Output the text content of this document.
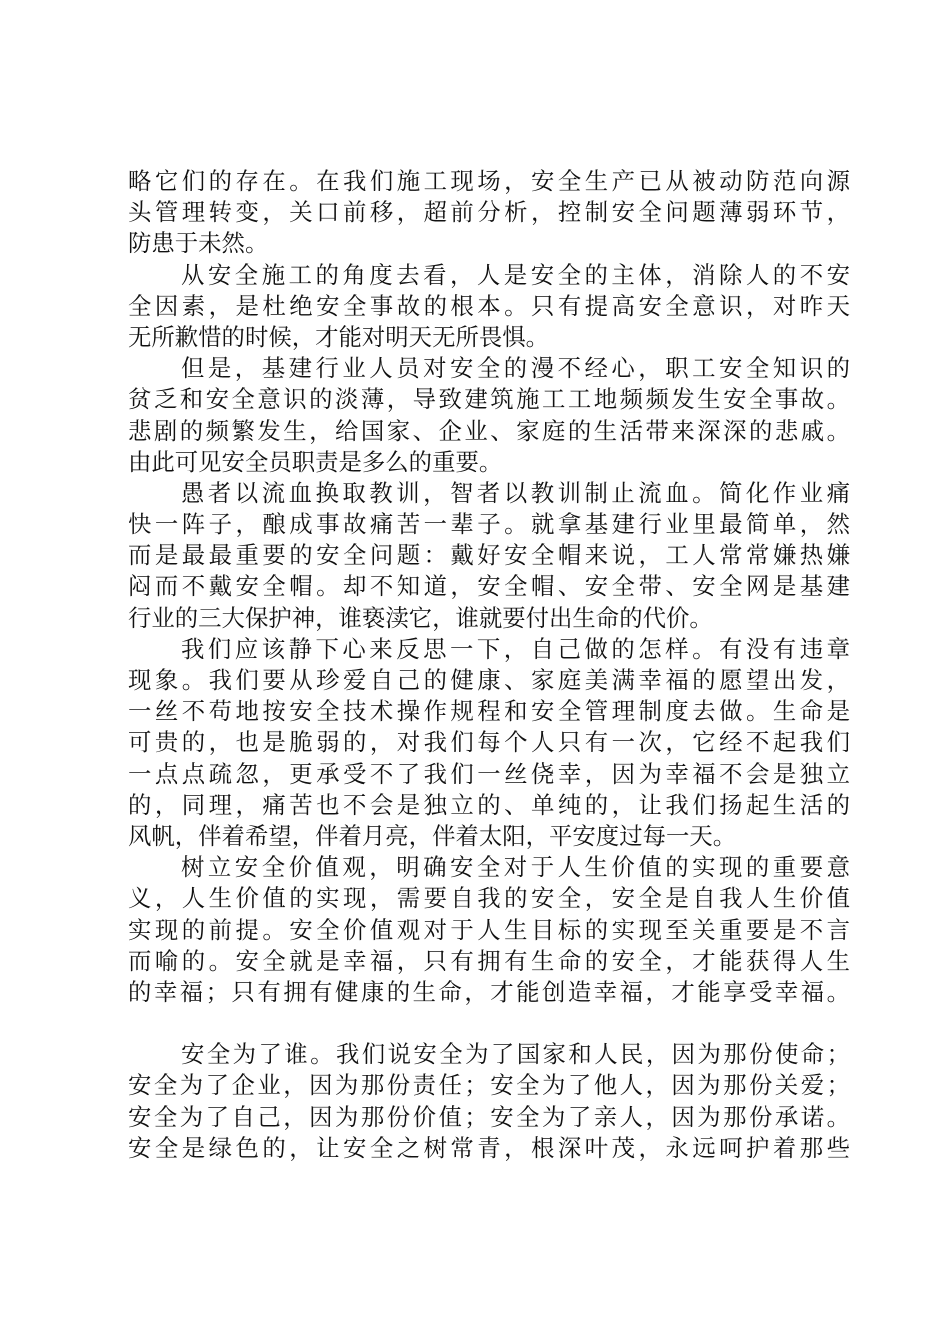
略它们的存在。在我们施工现场，安全生产已从被动防范向源
头管理转变，关口前移，超前分析，控制安全问题薄弱环节，
防患于未然。
从安全施工的角度去看，人是安全的主体，消除人的不安
全因素，是杜绝安全事故的根本。只有提高安全意识，对昨天
无所歉惜的时候，才能对明天无所畏惧。
但是，基建行业人员对安全的漫不经心，职工安全知识的
贫乏和安全意识的淡薄，导致建筑施工工地频频发生安全事故。
悲剧的频繁发生，给国家、企业、家庭的生活带来深深的悲戚。
由此可见安全员职责是多么的重要。
愚者以流血换取教训，智者以教训制止流血。简化作业痛
快一阵子，酿成事故痛苦一辈子。就拿基建行业里最简单，然
而是最最重要的安全问题：戴好安全帽来说，工人常常嫌热嫌
闷而不戴安全帽。却不知道，安全帽、安全带、安全网是基建
行业的三大保护神，谁亵渎它，谁就要付出生命的代价。
我们应该静下心来反思一下，自己做的怎样。有没有违章
现象。我们要从珍爱自己的健康、家庭美满幸福的愿望出发，
一丝不苟地按安全技术操作规程和安全管理制度去做。生命是
可贵的，也是脆弱的，对我们每个人只有一次，它经不起我们
一点点疏忽，更承受不了我们一丝侥幸，因为幸福不会是独立
的，同理，痛苦也不会是独立的、单纯的，让我们扬起生活的
风帆，伴着希望，伴着月亮，伴着太阳，平安度过每一天。
树立安全价值观，明确安全对于人生价值的实现的重要意
义，人生价值的实现，需要自我的安全，安全是自我人生价值
实现的前提。安全价值观对于人生目标的实现至关重要是不言
而喻的。安全就是幸福，只有拥有生命的安全，才能获得人生
的幸福；只有拥有健康的生命，才能创造幸福，才能享受幸福。
安全为了谁。我们说安全为了国家和人民，因为那份使命；
安全为了企业，因为那份责任；安全为了他人，因为那份关爱；
安全为了自己，因为那份价值；安全为了亲人，因为那份承诺。
安全是绿色的，让安全之树常青，根深叶茂，永远呵护着那些
